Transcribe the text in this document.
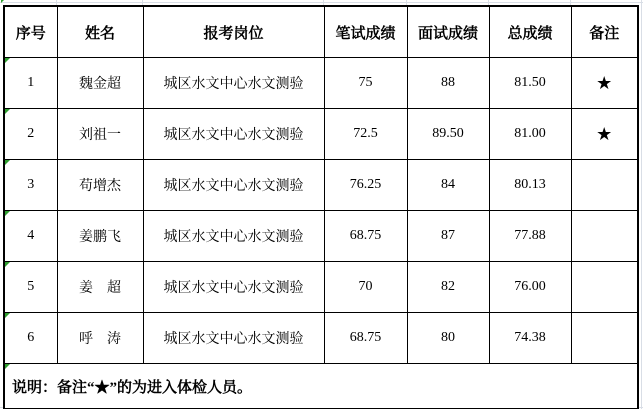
序号	姓名	报考岗位	笔试成绩	面试成绩	总成绩	备注
1	魏金超	城区水文中心水文测验	75	88	81.50	★
2	刘祖一	城区水文中心水文测验	72.5	89.50	81.00	★
3	苟增杰	城区水文中心水文测验	76.25	84	80.13	
4	姜鹏飞	城区水文中心水文测验	68.75	87	77.88	
5	姜　超	城区水文中心水文测验	70	82	76.00	
6	呼　涛	城区水文中心水文测验	68.75	80	74.38	

说明：备注“★”的为进入体检人员。						
